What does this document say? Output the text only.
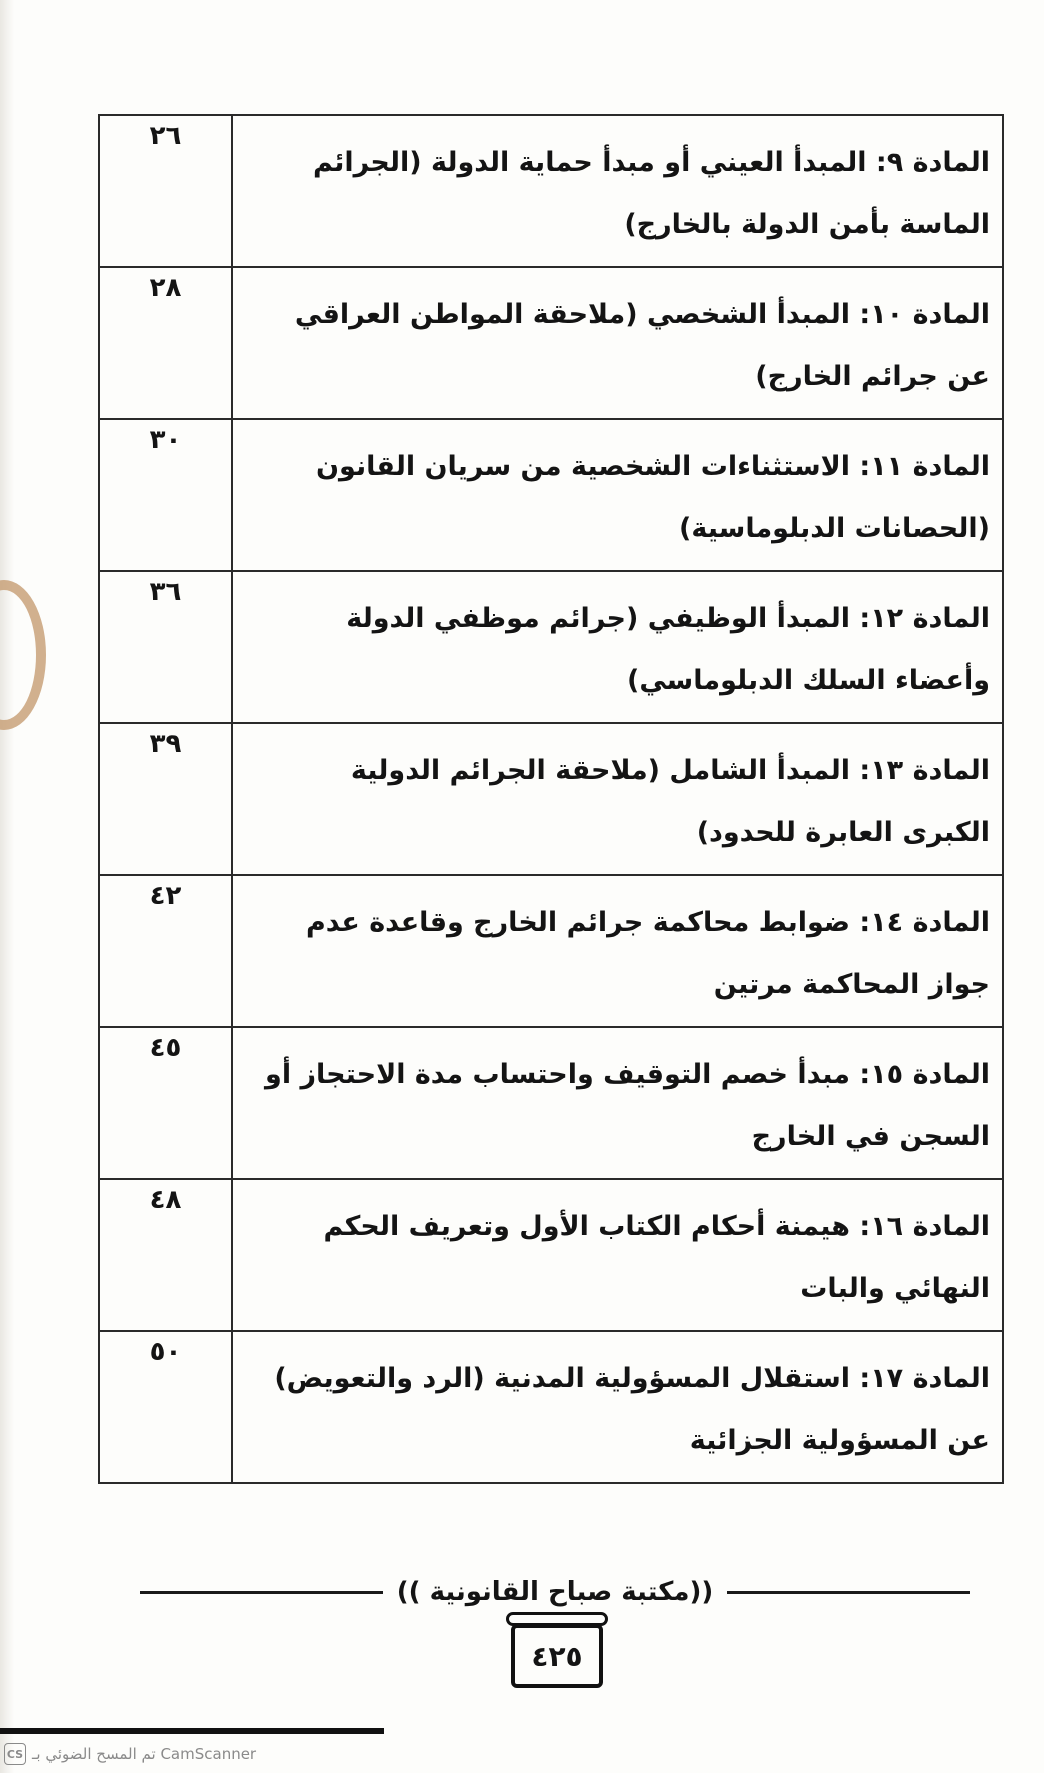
المادة ٩: المبدأ العيني أو مبدأ حماية الدولة (الجرائم الماسة بأمن الدولة بالخارج)	٢٦
المادة ١٠: المبدأ الشخصي (ملاحقة المواطن العراقي عن جرائم الخارج)	٢٨
المادة ١١: الاستثناءات الشخصية من سريان القانون (الحصانات الدبلوماسية)	٣٠
المادة ١٢: المبدأ الوظيفي (جرائم موظفي الدولة وأعضاء السلك الدبلوماسي)	٣٦
المادة ١٣: المبدأ الشامل (ملاحقة الجرائم الدولية الكبرى العابرة للحدود)	٣٩
المادة ١٤: ضوابط محاكمة جرائم الخارج وقاعدة عدم جواز المحاكمة مرتين	٤٢
المادة ١٥: مبدأ خصم التوقيف واحتساب مدة الاحتجاز أو السجن في الخارج	٤٥
المادة ١٦: هيمنة أحكام الكتاب الأول وتعريف الحكم النهائي والبات	٤٨
المادة ١٧: استقلال المسؤولية المدنية (الرد والتعويض) عن المسؤولية الجزائية	٥٠
((مكتبة صباح القانونية ))
٤٢٥
CS تم المسح الضوئي بـ CamScanner
